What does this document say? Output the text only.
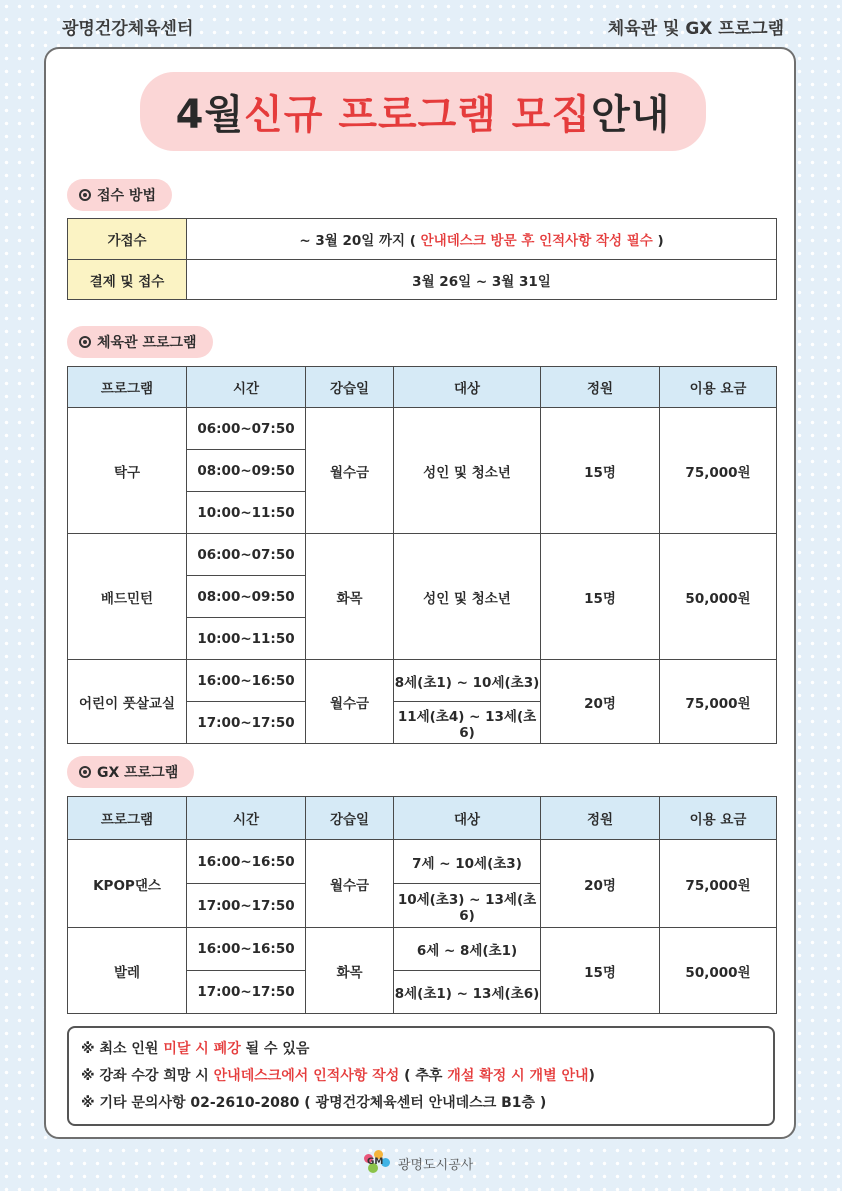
광명건강체육센터	체육관 및 GX 프로그램
4월 신규 프로그램 모집 안내
접수 방법
가접수	~ 3월 20일 까지 ( 안내데스크 방문 후 인적사항 작성 필수 )
결제 및 접수	3월 26일 ~ 3월 31일
체육관 프로그램
프로그램	시간	강습일	대상	정원	이용 요금
탁구	06:00~07:50	월수금	성인 및 청소년	15명	75,000원
	08:00~09:50				
	10:00~11:50				
배드민턴	06:00~07:50	화목	성인 및 청소년	15명	50,000원
	08:00~09:50				
	10:00~11:50				
어린이 풋살교실	16:00~16:50	월수금	8세(초1) ~ 10세(초3)	20명	75,000원
	17:00~17:50		11세(초4) ~ 13세(초6)		
GX 프로그램
프로그램	시간	강습일	대상	정원	이용 요금
KPOP댄스	16:00~16:50	월수금	7세 ~ 10세(초3)	20명	75,000원
	17:00~17:50		10세(초3) ~ 13세(초6)		
발레	16:00~16:50	화목	6세 ~ 8세(초1)	15명	50,000원
	17:00~17:50		8세(초1) ~ 13세(초6)		
※ 최소 인원 미달 시 폐강 될 수 있음
※ 강좌 수강 희망 시 안내데스크에서 인적사항 작성 ( 추후 개설 확정 시 개별 안내)
※ 기타 문의사항 02-2610-2080 ( 광명건강체육센터 안내데스크 B1층 )
GM 광명도시공사
